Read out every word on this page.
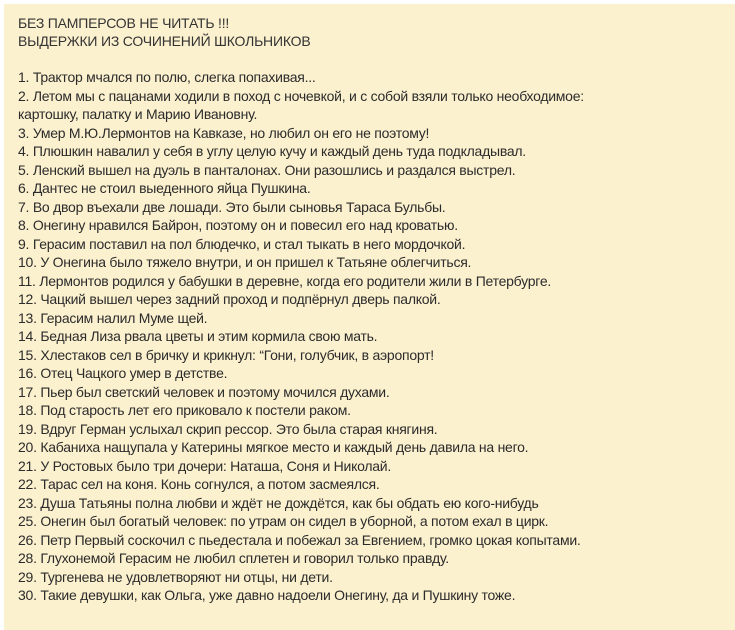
БЕЗ ПАМПЕРСОВ НЕ ЧИТАТЬ !!!
ВЫДЕРЖКИ ИЗ СОЧИНЕНИЙ ШКОЛЬНИКОВ
1. Трактор мчался по полю, слегка попахивая...
2. Летом мы с пацанами ходили в поход с ночевкой, и с собой взяли только необходимое: картошку, палатку и Марию Ивановну.
3. Умер М.Ю.Лермонтов на Кавказе, но любил он его не поэтому!
4. Плюшкин навалил у себя в углу целую кучу и каждый день туда подкладывал.
5. Ленский вышел на дуэль в панталонах. Они разошлись и раздался выстрел.
6. Дантес не стоил выеденного яйца Пушкина.
7. Во двор въехали две лошади. Это были сыновья Тараса Бульбы.
8. Онегину нравился Байрон, поэтому он и повесил его над кроватью.
9. Герасим поставил на пол блюдечко, и стал тыкать в него мордочкой.
10. У Онегина было тяжело внутри, и он пришел к Татьяне облегчиться.
11. Лермонтов родился у бабушки в деревне, когда его родители жили в Петербурге.
12. Чацкий вышел через задний проход и подпёрнул дверь палкой.
13. Герасим налил Муме щей.
14. Бедная Лиза рвала цветы и этим кормила свою мать.
15. Хлестаков сел в бричку и крикнул: “Гони, голубчик, в аэропорт!
16. Отец Чацкого умер в детстве.
17. Пьер был светский человек и поэтому мочился духами.
18. Под старость лет его приковало к постели раком.
19. Вдруг Герман услыхал скрип рессор. Это была старая княгиня.
20. Кабаниха нащупала у Катерины мягкое место и каждый день давила на него.
21. У Ростовых было три дочери: Наташа, Соня и Николай.
22. Тарас сел на коня. Конь согнулся, а потом засмеялся.
23. Душа Татьяны полна любви и ждёт не дождётся, как бы обдать ею кого-нибудь
25. Онегин был богатый человек: по утрам он сидел в уборной, а потом ехал в цирк.
26. Петр Первый соскочил с пьедестала и побежал за Евгением, громко цокая копытами.
28. Глухонемой Герасим не любил сплетен и говорил только правду.
29. Тургенева не удовлетворяют ни отцы, ни дети.
30. Такие девушки, как Ольга, уже давно надоели Онегину, да и Пушкину тоже.
